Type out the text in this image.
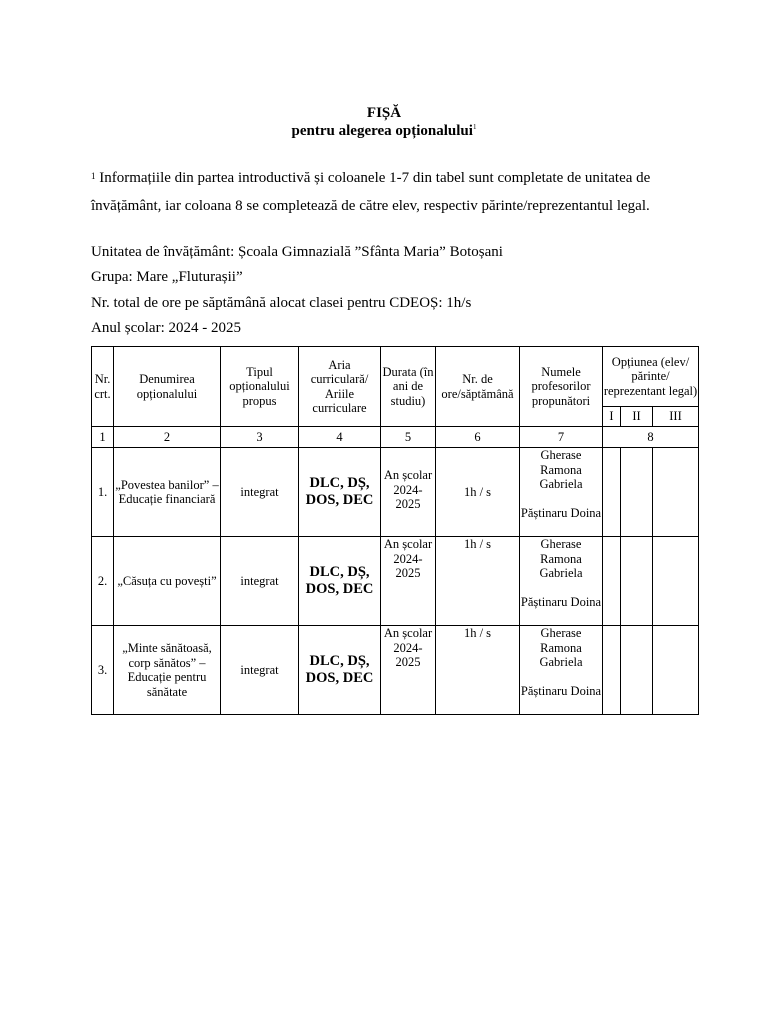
FIȘĂ
pentru alegerea opționalului$^1$
$^1$ Informațiile din partea introductivă și coloanele 1-7 din tabel sunt completate de unitatea de învățământ, iar coloana 8 se completează de către elev, respectiv părinte/reprezentantul legal.
Unitatea de învățământ: Școala Gimnazială ”Sfânta Maria” Botoșani
Grupa: Mare „Fluturașii”
Nr. total de ore pe săptămână alocat clasei pentru CDEOȘ: 1h/s
Anul școlar: 2024 - 2025
Nr. crt.	Denumirea opționalului	Tipul opționalului propus	Aria curriculară/ Ariile curriculare	Durata (în ani de studiu)	Nr. de ore/săptămână	Numele profesorilor propunători	Opțiunea (elev/ părinte/ reprezentant legal)		
							I	II	III
1	2	3	4	5	6	7	8		
1.	„Povestea banilor” – Educație financiară	integrat	DLC, DȘ, DOS, DEC	An școlar 2024-2025	1h / s	Gherase Ramona Gabriela
Păștinaru Doina			
2.	„Căsuța cu povești”	integrat	DLC, DȘ, DOS, DEC	An școlar 2024-2025	1h / s	Gherase Ramona Gabriela
Păștinaru Doina			
3.	„Minte sănătoasă, corp sănătos” – Educație pentru sănătate	integrat	DLC, DȘ, DOS, DEC	An școlar 2024-2025	1h / s	Gherase Ramona Gabriela
Păștinaru Doina			
